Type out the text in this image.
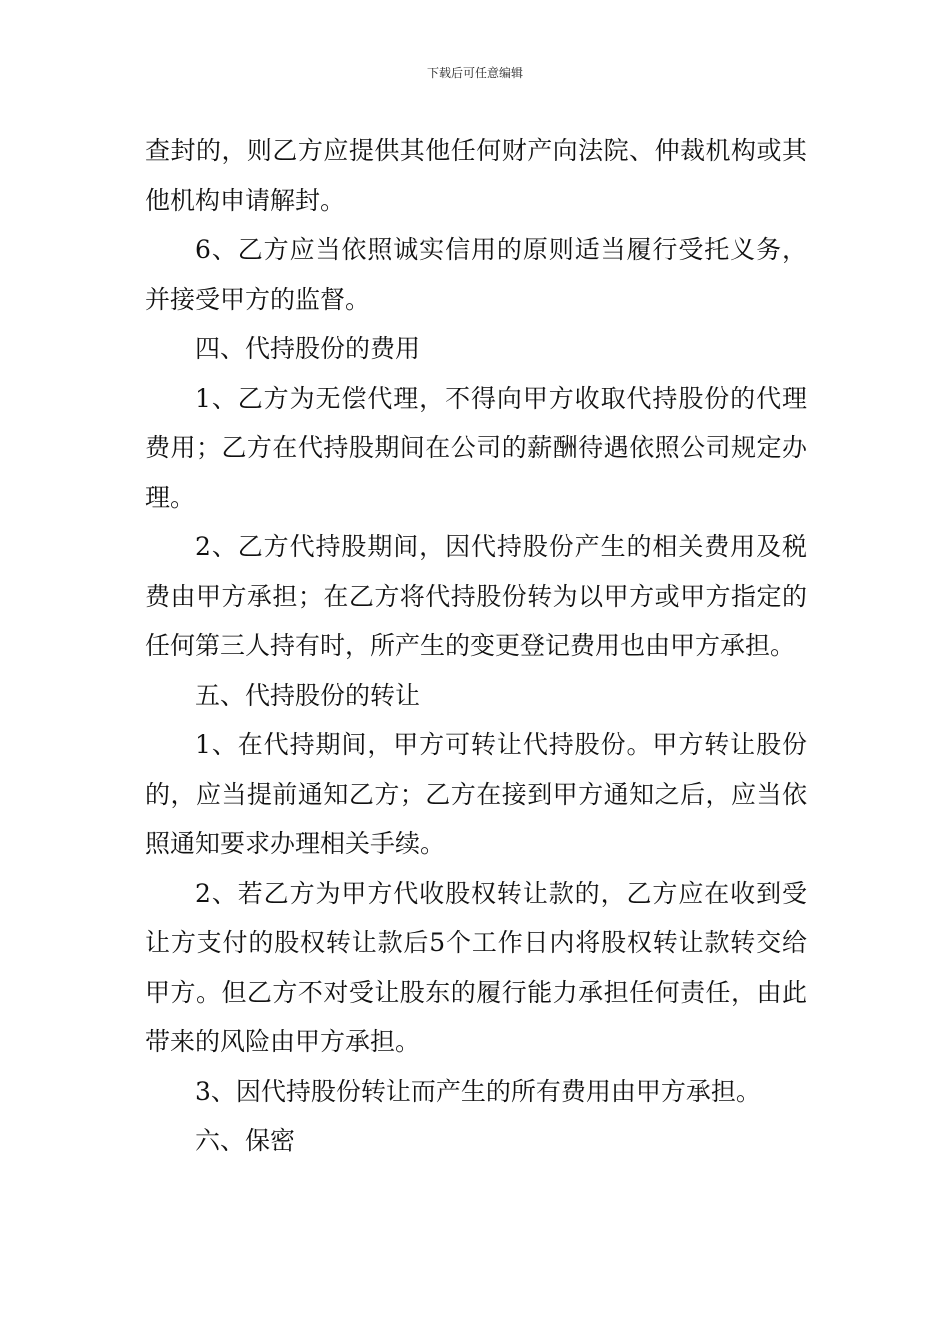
下载后可任意编辑

查封的，则乙方应提供其他任何财产向法院、仲裁机构或其他机构申请解封。

6、乙方应当依照诚实信用的原则适当履行受托义务，并接受甲方的监督。

四、代持股份的费用

1、乙方为无偿代理，不得向甲方收取代持股份的代理费用；乙方在代持股期间在公司的薪酬待遇依照公司规定办理。

2、乙方代持股期间，因代持股份产生的相关费用及税费由甲方承担；在乙方将代持股份转为以甲方或甲方指定的任何第三人持有时，所产生的变更登记费用也由甲方承担。

五、代持股份的转让

1、在代持期间，甲方可转让代持股份。甲方转让股份的，应当提前通知乙方；乙方在接到甲方通知之后，应当依照通知要求办理相关手续。

2、若乙方为甲方代收股权转让款的，乙方应在收到受让方支付的股权转让款后5个工作日内将股权转让款转交给甲方。但乙方不对受让股东的履行能力承担任何责任，由此带来的风险由甲方承担。

3、因代持股份转让而产生的所有费用由甲方承担。

六、保密
